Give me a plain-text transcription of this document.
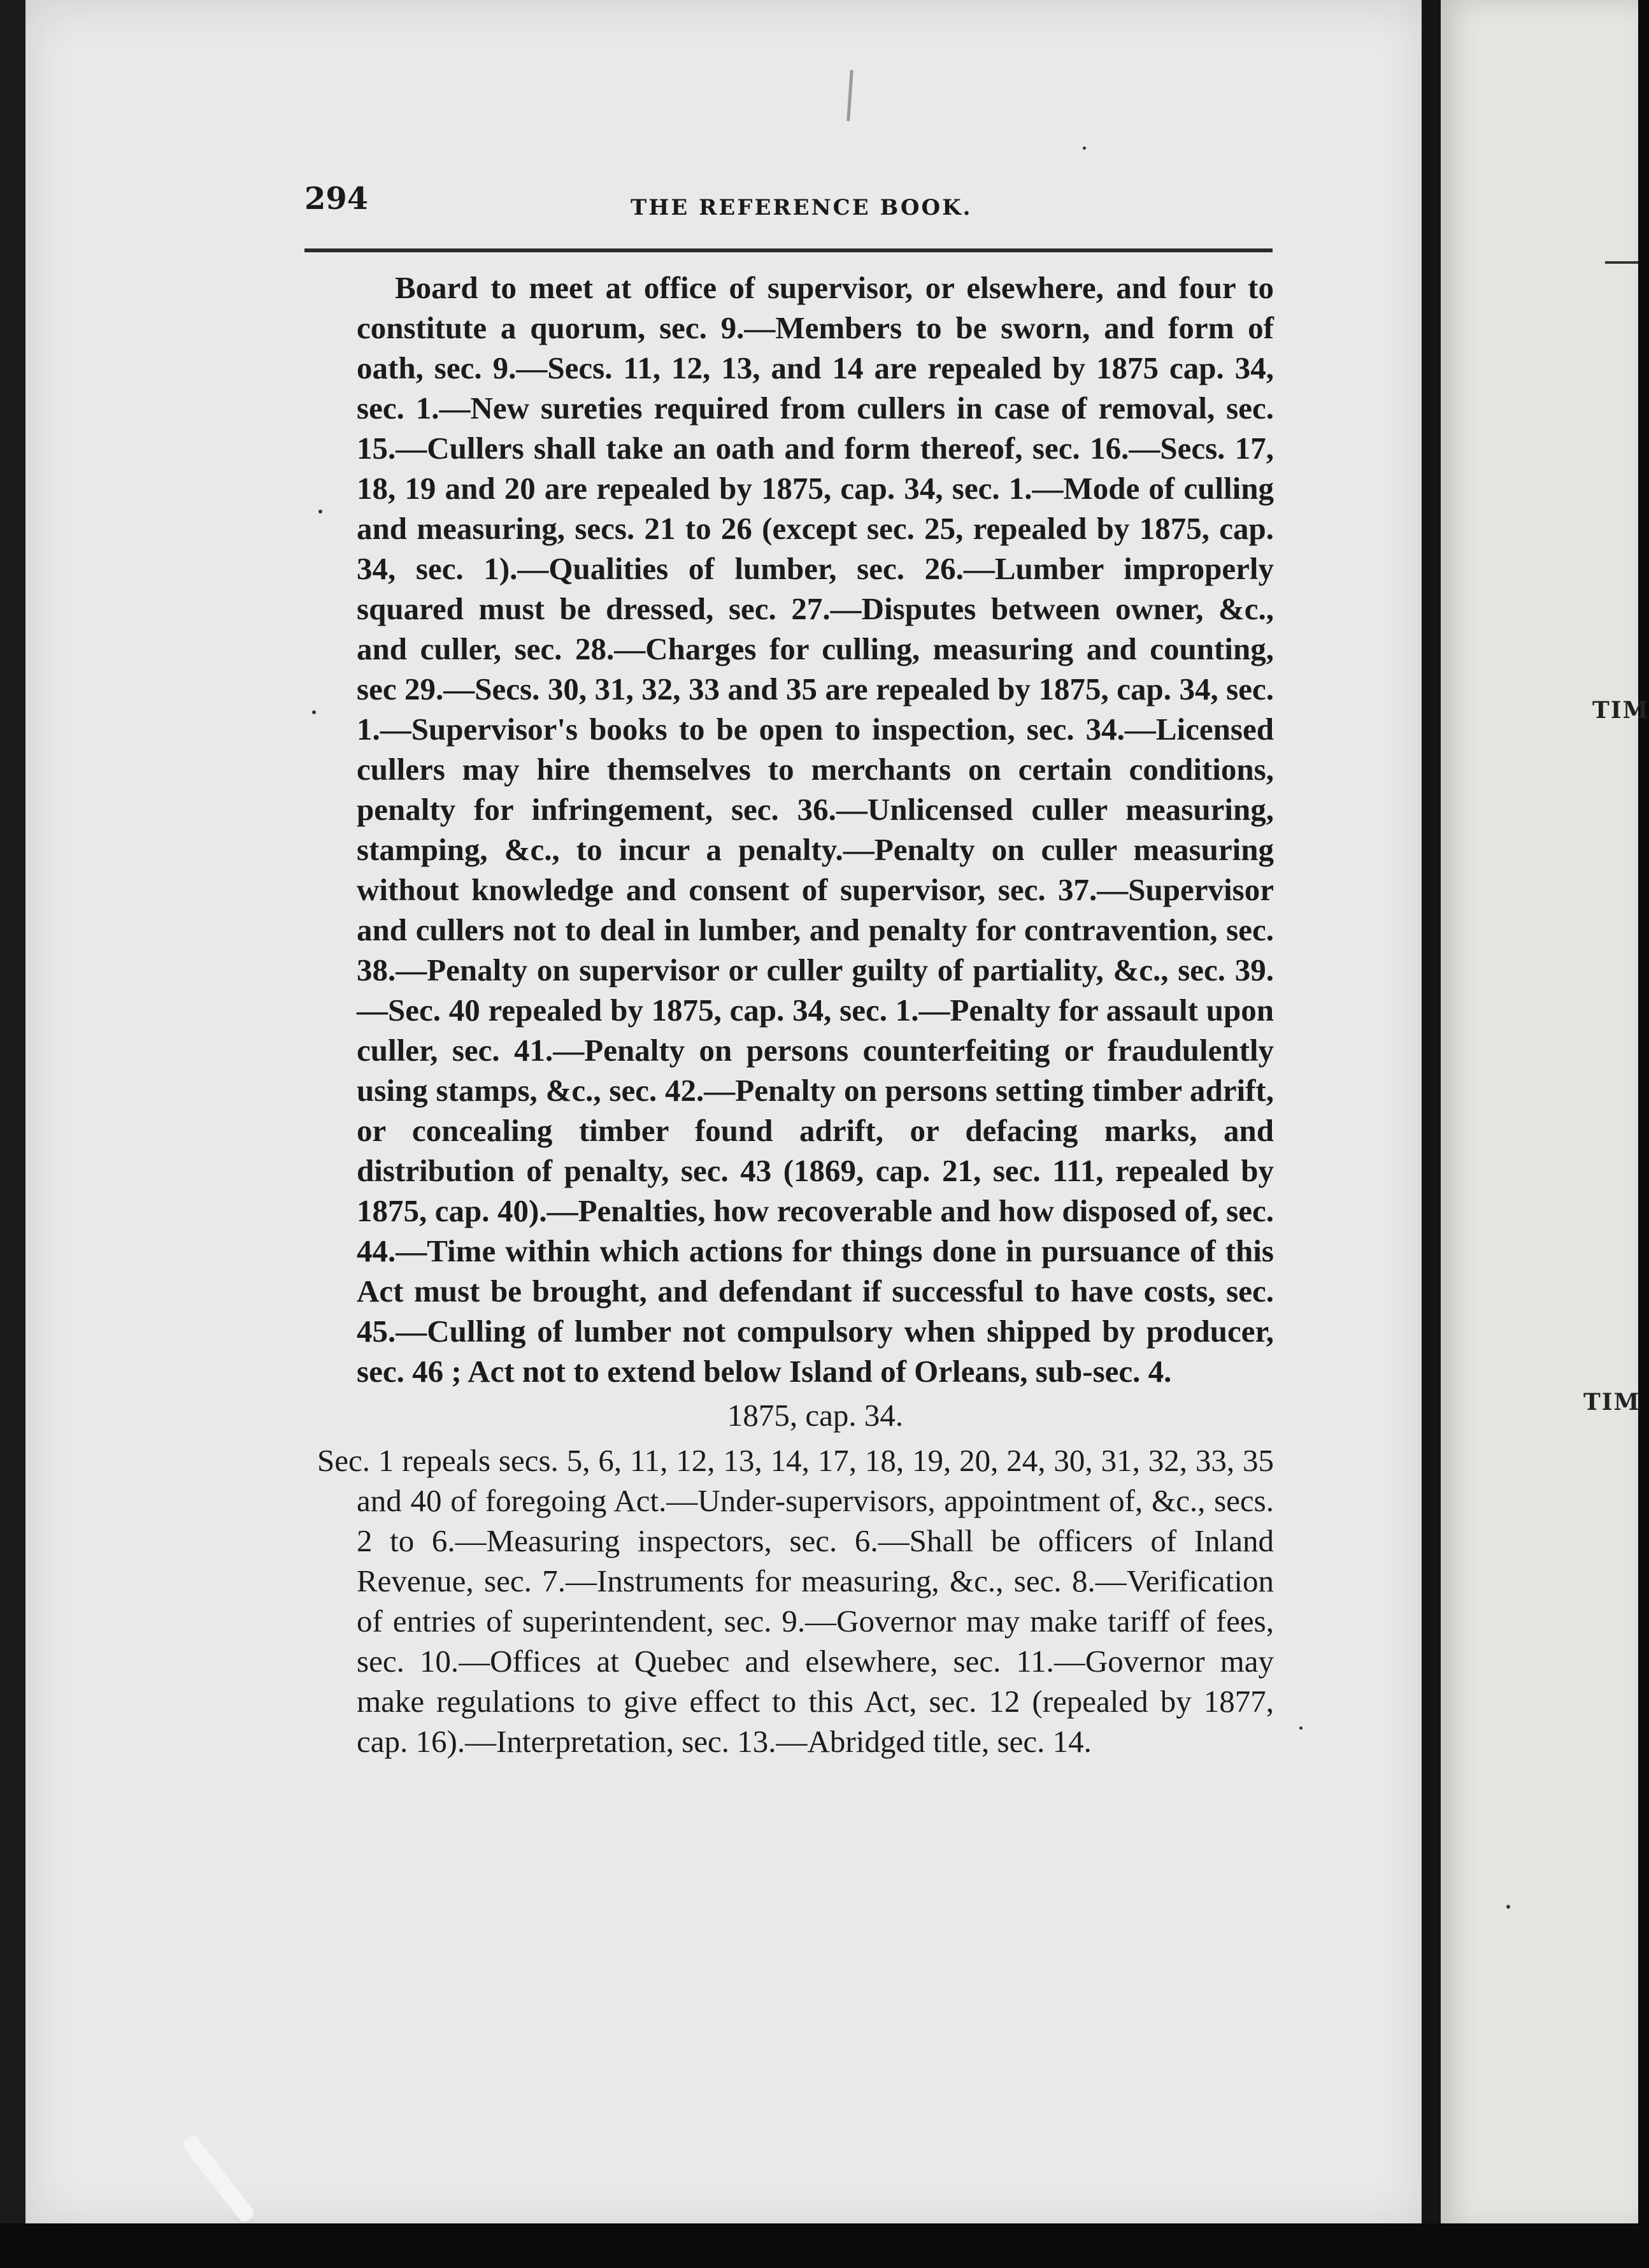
294	THE REFERENCE BOOK.

Board to meet at office of supervisor, or elsewhere, and four to constitute a quorum, sec. 9.—Members to be sworn, and form of oath, sec. 9.—Secs. 11, 12, 13, and 14 are repealed by 1875 cap. 34, sec. 1.—New sureties required from cullers in case of removal, sec. 15.—Cullers shall take an oath and form thereof, sec. 16.—Secs. 17, 18, 19 and 20 are repealed by 1875, cap. 34, sec. 1.—Mode of culling and measuring, secs. 21 to 26 (except sec. 25, repealed by 1875, cap. 34, sec. 1).—Qualities of lumber, sec. 26.—Lumber improperly squared must be dressed, sec. 27.—Disputes between owner, &c., and culler, sec. 28.—Charges for culling, measuring and counting, sec 29.—Secs. 30, 31, 32, 33 and 35 are repealed by 1875, cap. 34, sec. 1.—Supervisor's books to be open to inspection, sec. 34.—Licensed cullers may hire themselves to merchants on certain conditions, penalty for infringement, sec. 36.—Unlicensed culler measuring, stamping, &c., to incur a penalty.—Penalty on culler measuring without knowledge and consent of supervisor, sec. 37.—Supervisor and cullers not to deal in lumber, and penalty for contravention, sec. 38.—Penalty on supervisor or culler guilty of partiality, &c., sec. 39.—Sec. 40 repealed by 1875, cap. 34, sec. 1.—Penalty for assault upon culler, sec. 41.—Penalty on persons counterfeiting or fraudulently using stamps, &c., sec. 42.—Penalty on persons setting timber adrift, or concealing timber found adrift, or defacing marks, and distribution of penalty, sec. 43 (1869, cap. 21, sec. 111, repealed by 1875, cap. 40).—Penalties, how recoverable and how disposed of, sec. 44.—Time within which actions for things done in pursuance of this Act must be brought, and defendant if successful to have costs, sec. 45.—Culling of lumber not compulsory when shipped by producer, sec. 46 ; Act not to extend below Island of Orleans, sub-sec. 4.

1875, cap. 34.

Sec. 1 repeals secs. 5, 6, 11, 12, 13, 14, 17, 18, 19, 20, 24, 30, 31, 32, 33, 35 and 40 of foregoing Act.—Under-supervisors, appointment of, &c., secs. 2 to 6.—Measuring inspectors, sec. 6.—Shall be officers of Inland Revenue, sec. 7.—Instruments for measuring, &c., sec. 8.—Verification of entries of superintendent, sec. 9.—Governor may make tariff of fees, sec. 10.—Offices at Quebec and elsewhere, sec. 11.—Governor may make regulations to give effect to this Act, sec. 12 (repealed by 1877, cap. 16).—Interpretation, sec. 13.—Abridged title, sec. 14.

TIM
TIM
